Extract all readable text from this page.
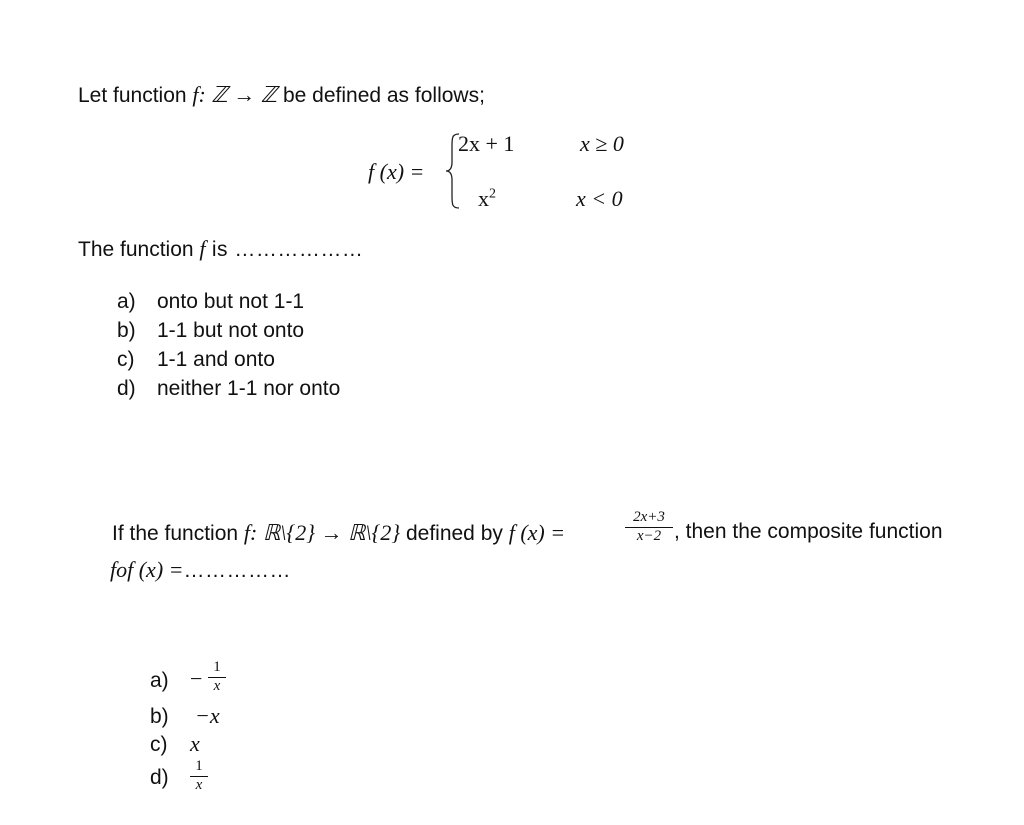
Let function f: ℤ → ℤ be defined as follows;
f (x) =
2x + 1	x ≥ 0
$x^2$	x < 0
The function f is ………………
a) onto but not 1-1
b) 1-1 but not onto
c) 1-1 and onto
d) neither 1-1 nor onto
If the function f: ℝ\{2} → ℝ\{2} defined by f (x) =
2x+3
x−2 , then the composite function
fof (x) =……………
a) − 1
x
b) −x
c) x
d)	1
x
